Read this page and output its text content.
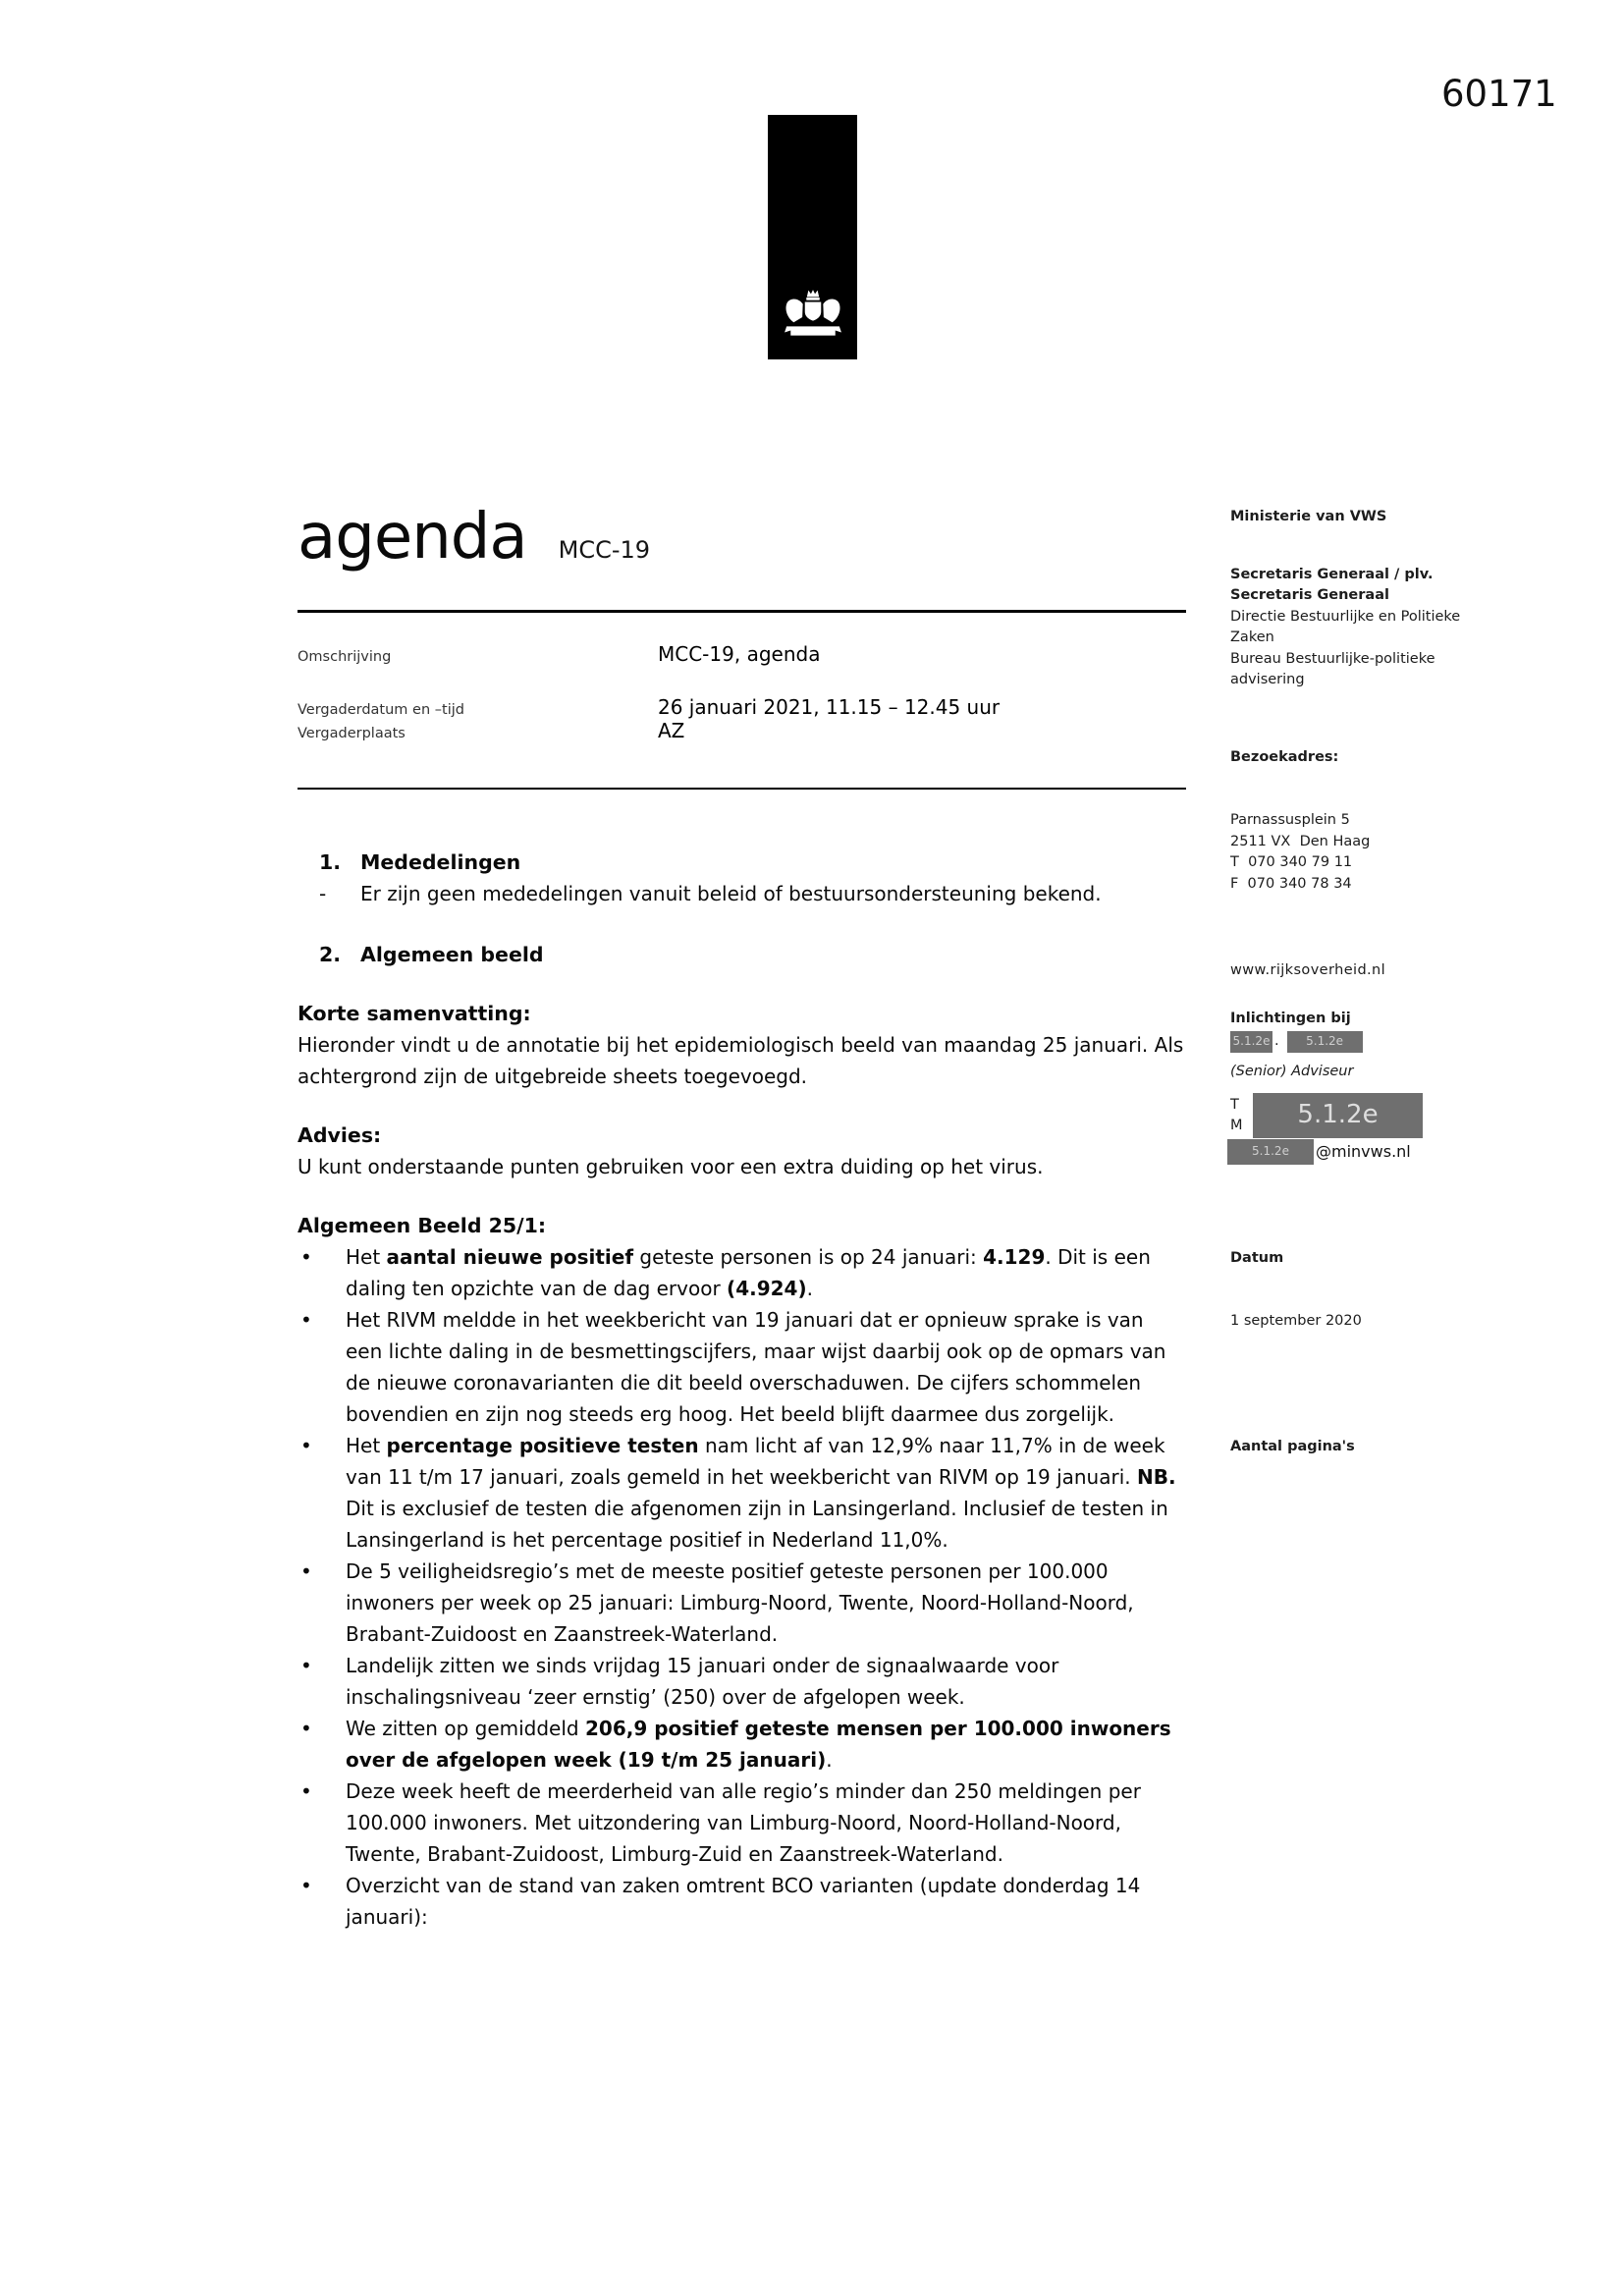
60171
agenda MCC-19
Omschrijving	MCC-19, agenda
Vergaderdatum en –tijd	26 januari 2021, 11.15 – 12.45 uur
Vergaderplaats	AZ
1. Mededelingen
-	Er zijn geen mededelingen vanuit beleid of bestuursondersteuning bekend.
2. Algemeen beeld
Korte samenvatting:

Hieronder vindt u de annotatie bij het epidemiologisch beeld van maandag 25 januari. Als achtergrond zijn de uitgebreide sheets toegevoegd.

Advies:

U kunt onderstaande punten gebruiken voor een extra duiding op het virus.

Algemeen Beeld 25/1:
•	Het aantal nieuwe positief geteste personen is op 24 januari: 4.129. Dit is een daling ten opzichte van de dag ervoor (4.924).
•	Het RIVM meldde in het weekbericht van 19 januari dat er opnieuw sprake is van een lichte daling in de besmettingscijfers, maar wijst daarbij ook op de opmars van de nieuwe coronavarianten die dit beeld overschaduwen. De cijfers schommelen bovendien en zijn nog steeds erg hoog. Het beeld blijft daarmee dus zorgelijk.
•	Het percentage positieve testen nam licht af van 12,9% naar 11,7% in de week van 11 t/m 17 januari, zoals gemeld in het weekbericht van RIVM op 19 januari. NB. Dit is exclusief de testen die afgenomen zijn in Lansingerland. Inclusief de testen in Lansingerland is het percentage positief in Nederland 11,0%.
•	De 5 veiligheidsregio’s met de meeste positief geteste personen per 100.000 inwoners per week op 25 januari: Limburg-Noord, Twente, Noord-Holland-Noord, Brabant-Zuidoost en Zaanstreek-Waterland.
•	Landelijk zitten we sinds vrijdag 15 januari onder de signaalwaarde voor inschalingsniveau ‘zeer ernstig’ (250) over de afgelopen week.
•	We zitten op gemiddeld 206,9 positief geteste mensen per 100.000 inwoners over de afgelopen week (19 t/m 25 januari).
•	Deze week heeft de meerderheid van alle regio’s minder dan 250 meldingen per 100.000 inwoners. Met uitzondering van Limburg-Noord, Noord-Holland-Noord, Twente, Brabant-Zuidoost, Limburg-Zuid en Zaanstreek-Waterland.
•	Overzicht van de stand van zaken omtrent BCO varianten (update donderdag 14 januari):
Ministerie van VWS
Secretaris Generaal / plv.
Secretaris Generaal
Directie Bestuurlijke en Politieke
Zaken
Bureau Bestuurlijke-politieke
advisering

Bezoekadres:

Parnassusplein 5
2511 VX  Den Haag
T  070 340 79 11
F  070 340 78 34

www.rijksoverheid.nl
Inlichtingen bij
5.1.2e .	5.1.2e
(Senior) Adviseur
T
M	5.1.2e
5.1.2e	@minvws.nl

Datum

1 september 2020

Aantal pagina's
